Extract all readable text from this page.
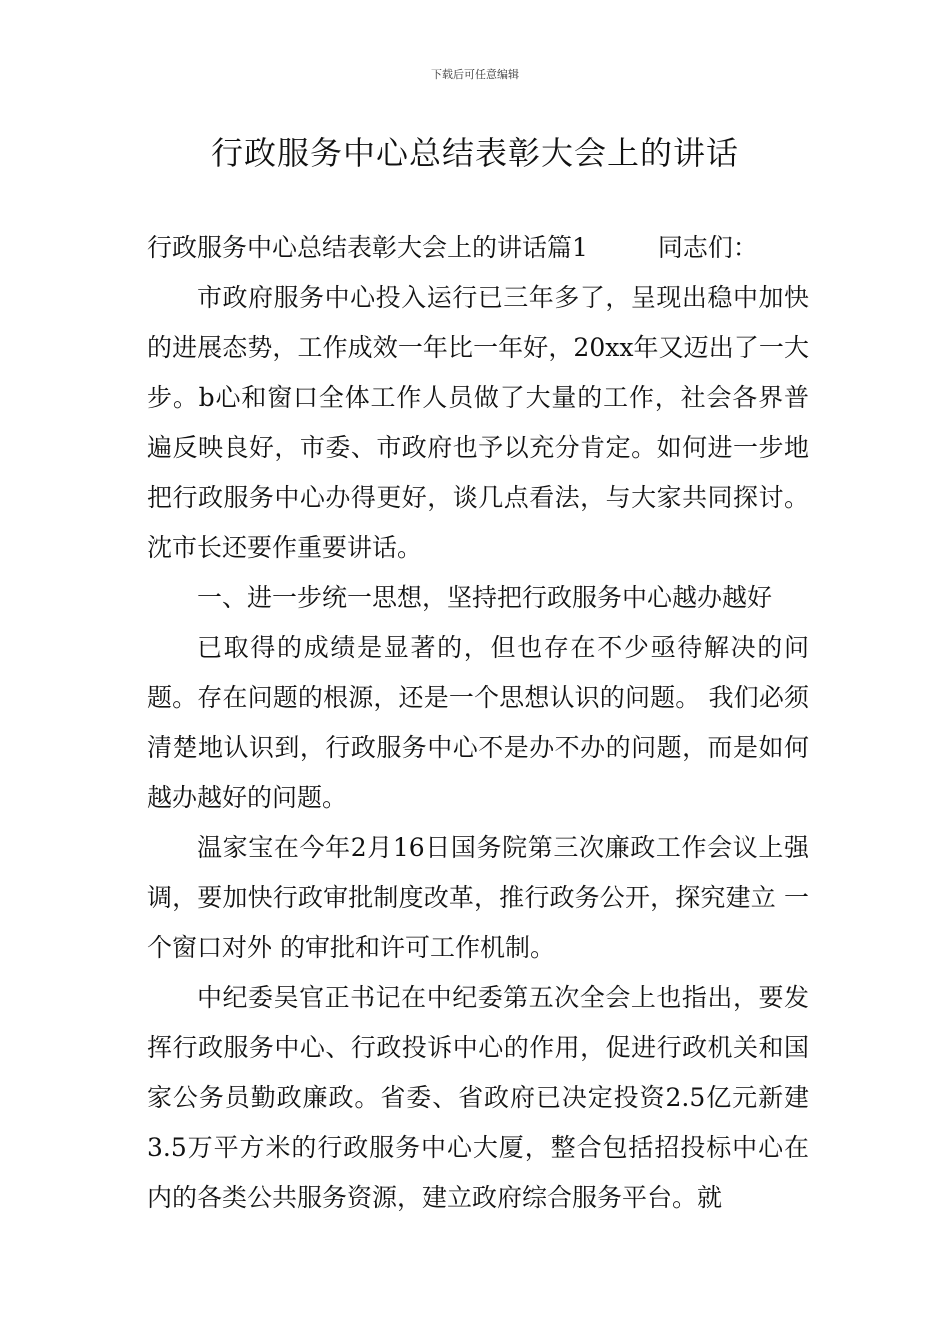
下载后可任意编辑
行政服务中心总结表彰大会上的讲话

行政服务中心总结表彰大会上的讲话篇1	同志们：

市政府服务中心投入运行已三年多了，呈现出稳中加快的进展态势，工作成效一年比一年好，20xx年又迈出了一大步。b心和窗口全体工作人员做了大量的工作，社会各界普遍反映良好，市委、市政府也予以充分肯定。如何进一步地把行政服务中心办得更好，谈几点看法，与大家共同探讨。沈市长还要作重要讲话。

一、进一步统一思想，坚持把行政服务中心越办越好

已取得的成绩是显著的，但也存在不少亟待解决的问题。存在问题的根源，还是一个思想认识的问题。 我们必须清楚地认识到，行政服务中心不是办不办的问题，而是如何越办越好的问题。

温家宝在今年2月16日国务院第三次廉政工作会议上强调，要加快行政审批制度改革，推行政务公开，探究建立 一个窗口对外 的审批和许可工作机制。

中纪委吴官正书记在中纪委第五次全会上也指出，要发挥行政服务中心、行政投诉中心的作用，促进行政机关和国家公务员勤政廉政。省委、省政府已决定投资2.5亿元新建3.5万平方米的行政服务中心大厦，整合包括招投标中心在内的各类公共服务资源，建立政府综合服务平台。就
